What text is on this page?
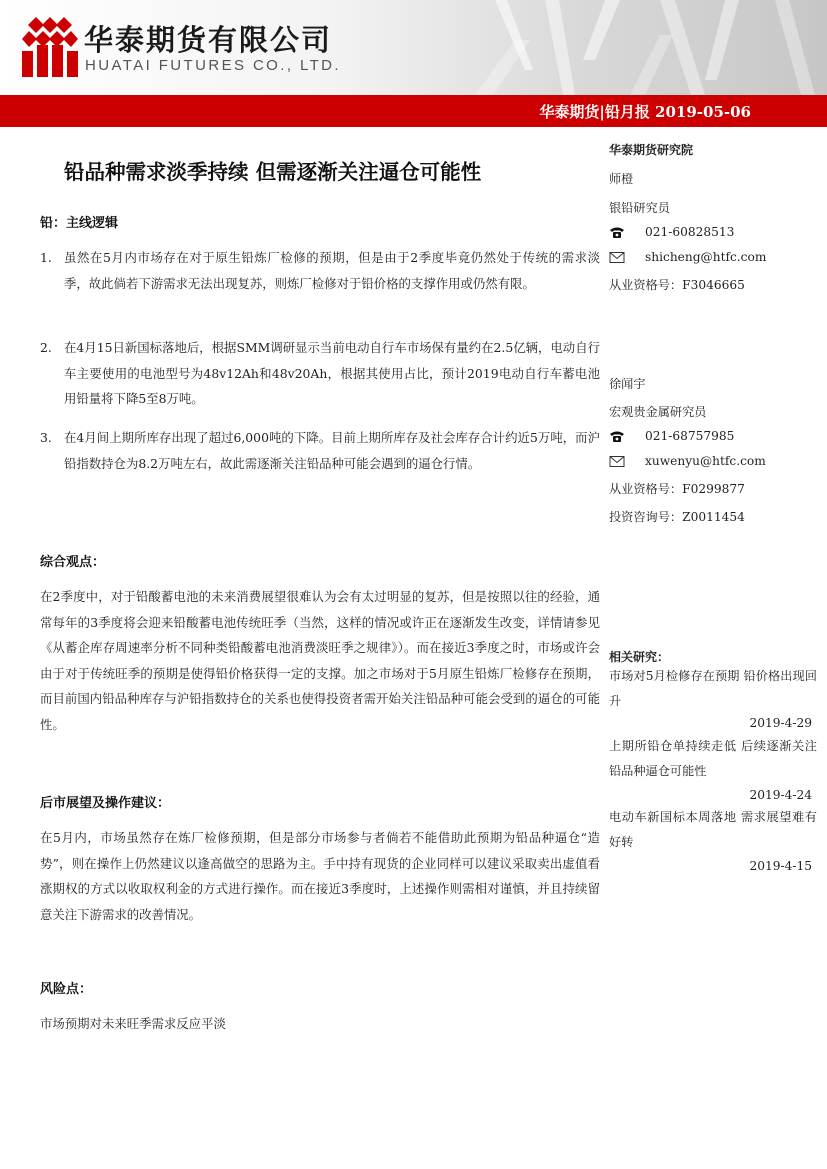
华泰期货有限公司
HUATAI FUTURES CO., LTD.
华泰期货|铅月报 2019-05-06
铅品种需求淡季持续 但需逐渐关注逼仓可能性
铅：主线逻辑
1. 虽然在5月内市场存在对于原生铅炼厂检修的预期，但是由于2季度毕竟仍然处于传统的需求淡季，故此倘若下游需求无法出现复苏，则炼厂检修对于铅价格的支撑作用或仍然有限。
2. 在4月15日新国标落地后，根据SMM调研显示当前电动自行车市场保有量约在2.5亿辆，电动自行车主要使用的电池型号为48v12Ah和48v20Ah，根据其使用占比，预计2019电动自行车蓄电池用铅量将下降5至8万吨。
3. 在4月间上期所库存出现了超过6,000吨的下降。目前上期所库存及社会库存合计约近5万吨，而沪铅指数持仓为8.2万吨左右，故此需逐渐关注铅品种可能会遇到的逼仓行情。
综合观点：
在2季度中，对于铅酸蓄电池的未来消费展望很难认为会有太过明显的复苏，但是按照以往的经验，通常每年的3季度将会迎来铅酸蓄电池传统旺季（当然，这样的情况或许正在逐渐发生改变，详情请参见《从蓄企库存周速率分析不同种类铅酸蓄电池消费淡旺季之规律》）。而在接近3季度之时，市场或许会由于对于传统旺季的预期是使得铅价格获得一定的支撑。加之市场对于5月原生铅炼厂检修存在预期，而目前国内铅品种库存与沪铅指数持仓的关系也使得投资者需开始关注铅品种可能会受到的逼仓的可能性。
后市展望及操作建议：
在5月内，市场虽然存在炼厂检修预期，但是部分市场参与者倘若不能借助此预期为铅品种逼仓“造势”，则在操作上仍然建议以逢高做空的思路为主。手中持有现货的企业同样可以建议采取卖出虚值看涨期权的方式以收取权利金的方式进行操作。而在接近3季度时，上述操作则需相对谨慎，并且持续留意关注下游需求的改善情况。
风险点：
市场预期对未来旺季需求反应平淡
华泰期货研究院
师橙
银铅研究员
021-60828513
shicheng@htfc.com
从业资格号：F3046665
徐闻宇
宏观贵金属研究员
021-68757985
xuwenyu@htfc.com
从业资格号：F0299877
投资咨询号：Z0011454
相关研究：
市场对5月检修存在预期 铅价格出现回升
2019-4-29
上期所铅仓单持续走低 后续逐渐关注铅品种逼仓可能性
2019-4-24
电动车新国标本周落地 需求展望难有好转
2019-4-15
